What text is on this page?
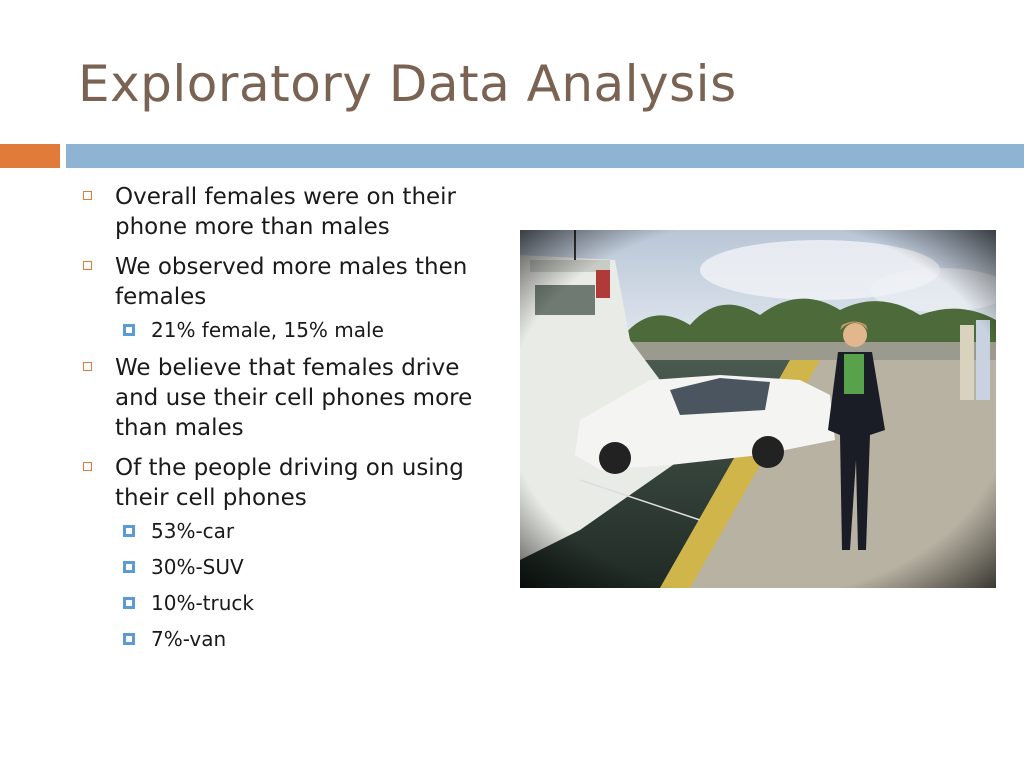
Exploratory Data Analysis
Overall females were on their phone more than males
We observed more males then females
21% female, 15% male
We believe that females drive and use their cell phones more than males
Of the people driving on using their cell phones
53%-car
30%-SUV
10%-truck
7%-van
